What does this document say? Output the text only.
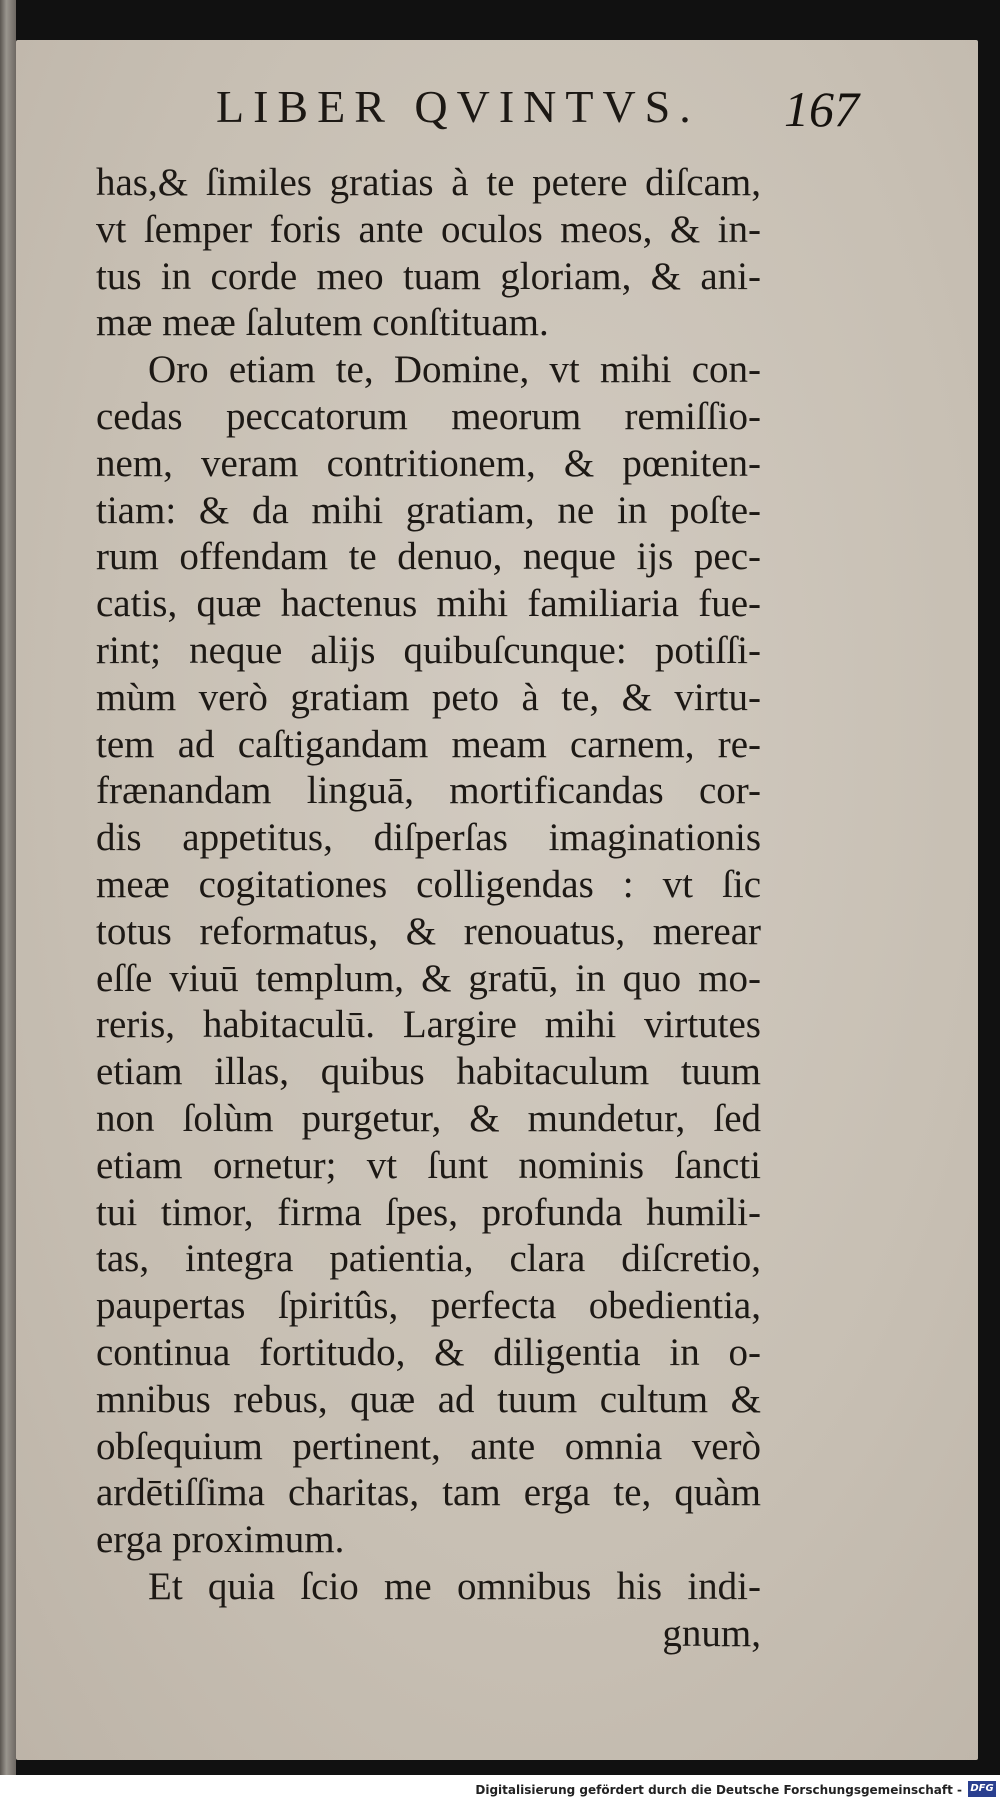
LIBER QVINTVS. 167
has,& ſimiles gratias à te petere diſcam,
vt ſemper foris ante oculos meos, & in-
tus in corde meo tuam gloriam, & ani-
mæ meæ ſalutem conſtituam.
Oro etiam te, Domine, vt mihi con-
cedas peccatorum meorum remiſſio-
nem, veram contritionem, & pœniten-
tiam: & da mihi gratiam, ne in poſte-
rum offendam te denuo, neque ijs pec-
catis, quæ hactenus mihi familiaria fue-
rint; neque alijs quibuſcunque: potiſſi-
mùm verò gratiam peto à te, & virtu-
tem ad caſtigandam meam carnem, re-
frænandam linguā, mortificandas cor-
dis appetitus, diſperſas imaginationis
meæ cogitationes colligendas : vt ſic
totus reformatus, & renouatus, merear
eſſe viuū templum, & gratū, in quo mo-
reris, habitaculū. Largire mihi virtutes
etiam illas, quibus habitaculum tuum
non ſolùm purgetur, & mundetur, ſed
etiam ornetur; vt ſunt nominis ſancti
tui timor, firma ſpes, profunda humili-
tas, integra patientia, clara diſcretio,
paupertas ſpiritûs, perfecta obedientia,
continua fortitudo, & diligentia in o-
mnibus rebus, quæ ad tuum cultum &
obſequium pertinent, ante omnia verò
ardētiſſima charitas, tam erga te, quàm
erga proximum.
Et quia ſcio me omnibus his indi-
gnum,
Digitalisierung gefördert durch die Deutsche Forschungsgemeinschaft - DFG
